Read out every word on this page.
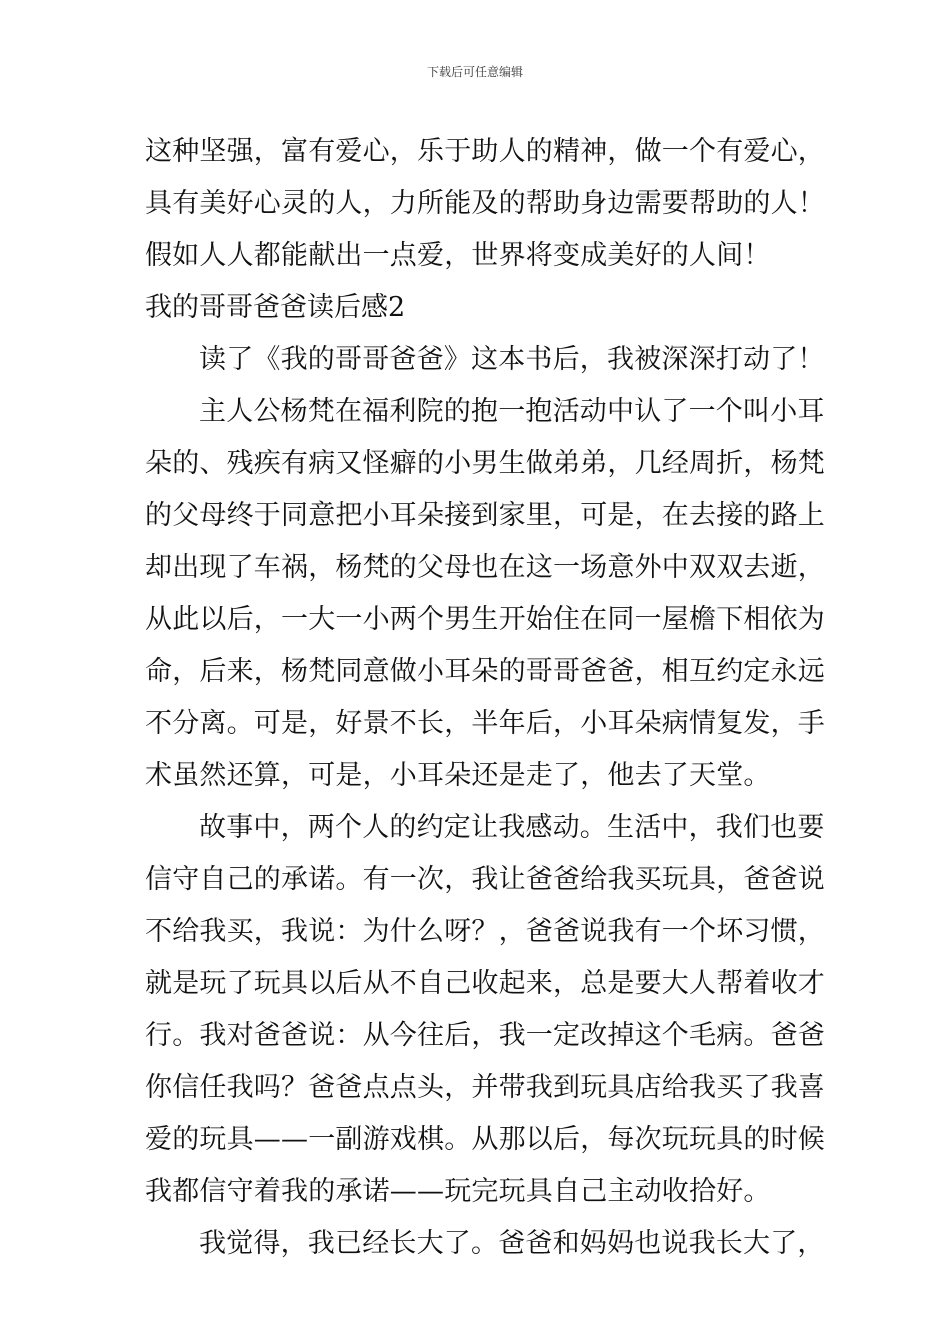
下载后可任意编辑
这种坚强，富有爱心，乐于助人的精神，做一个有爱心，
具有美好心灵的人，力所能及的帮助身边需要帮助的人！
假如人人都能献出一点爱，世界将变成美好的人间！
我的哥哥爸爸读后感2
读了《我的哥哥爸爸》这本书后，我被深深打动了！
主人公杨梵在福利院的抱一抱活动中认了一个叫小耳
朵的、残疾有病又怪癖的小男生做弟弟，几经周折，杨梵
的父母终于同意把小耳朵接到家里，可是，在去接的路上
却出现了车祸，杨梵的父母也在这一场意外中双双去逝，
从此以后，一大一小两个男生开始住在同一屋檐下相依为
命，后来，杨梵同意做小耳朵的哥哥爸爸，相互约定永远
不分离。可是，好景不长，半年后，小耳朵病情复发，手
术虽然还算，可是，小耳朵还是走了，他去了天堂。
故事中，两个人的约定让我感动。生活中，我们也要
信守自己的承诺。有一次，我让爸爸给我买玩具，爸爸说
不给我买，我说：为什么呀？，爸爸说我有一个坏习惯，
就是玩了玩具以后从不自己收起来，总是要大人帮着收才
行。我对爸爸说：从今往后，我一定改掉这个毛病。爸爸
你信任我吗？爸爸点点头，并带我到玩具店给我买了我喜
爱的玩具——一副游戏棋。从那以后，每次玩玩具的时候
我都信守着我的承诺——玩完玩具自己主动收拾好。
我觉得，我已经长大了。爸爸和妈妈也说我长大了，
